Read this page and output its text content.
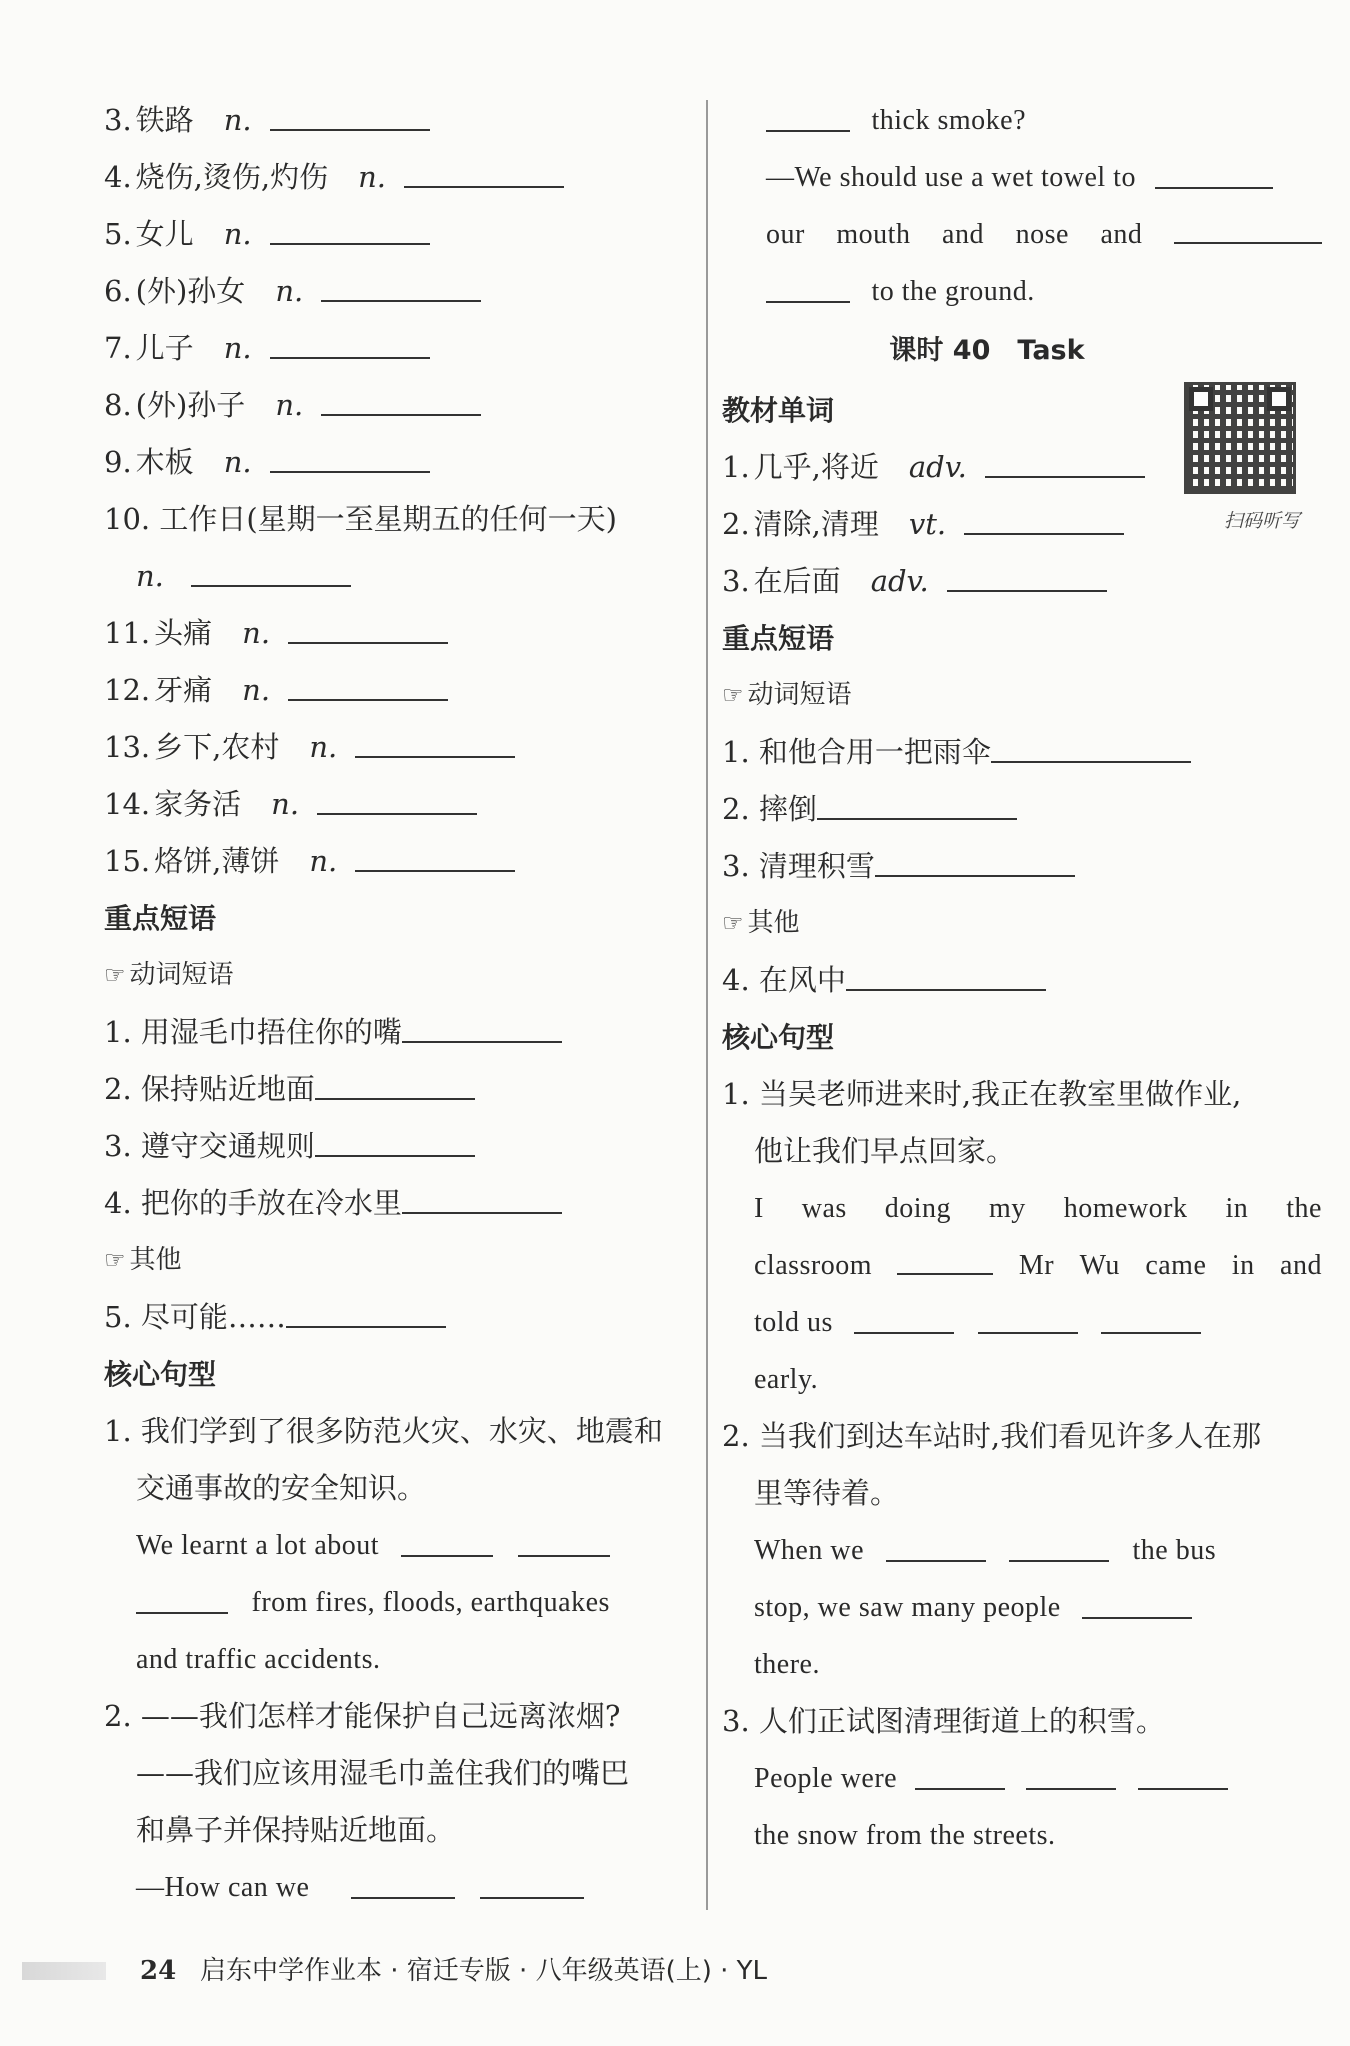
3. 铁路 n.
4. 烧伤,烫伤,灼伤 n.
5. 女儿 n.
6. (外)孙女 n.
7. 儿子 n.
8. (外)孙子 n.
9. 木板 n.
10. 工作日(星期一至星期五的任何一天)
n.
11. 头痛 n.
12. 牙痛 n.
13. 乡下,农村 n.
14. 家务活 n.
15. 烙饼,薄饼 n.
重点短语
☞ 动词短语
1. 用湿毛巾捂住你的嘴
2. 保持贴近地面
3. 遵守交通规则
4. 把你的手放在冷水里
☞ 其他
5. 尽可能……
核心句型
1. 我们学到了很多防范火灾、水灾、地震和
交通事故的安全知识。
We learnt a lot about
from fires, floods, earthquakes
and traffic accidents.
2. ——我们怎样才能保护自己远离浓烟?
——我们应该用湿毛巾盖住我们的嘴巴
和鼻子并保持贴近地面。
—How can we
thick smoke?
—We should use a wet towel to
our mouth and nose and
to the ground.
课时 40　Task
扫码听写
教材单词
1. 几乎,将近 adv.
2. 清除,清理 vt.
3. 在后面 adv.
重点短语
☞ 动词短语
1. 和他合用一把雨伞
2. 摔倒
3. 清理积雪
☞ 其他
4. 在风中
核心句型
1. 当吴老师进来时,我正在教室里做作业,
他让我们早点回家。
I was doing my homework in the
classroom	Mr Wu came in and
told us
early.
2. 当我们到达车站时,我们看见许多人在那
里等待着。
When we	the bus
stop, we saw many people
there.
3. 人们正试图清理街道上的积雪。
People were
the snow from the streets.
24 启东中学作业本 · 宿迁专版 · 八年级英语(上) · YL
